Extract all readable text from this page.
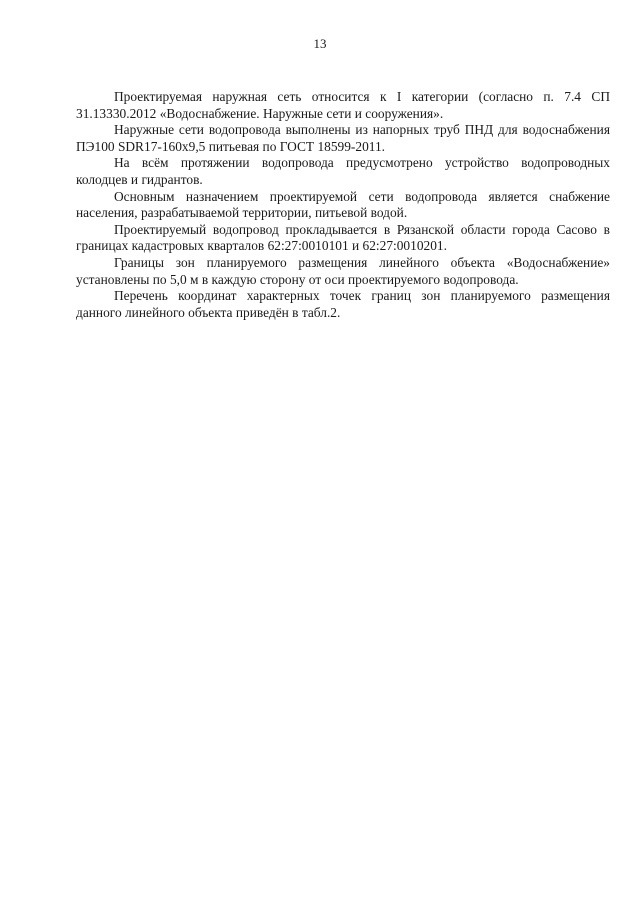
13

Проектируемая наружная сеть относится к I категории (согласно п. 7.4 СП 31.13330.2012 «Водоснабжение. Наружные сети и сооружения».

Наружные сети водопровода выполнены из напорных труб ПНД для водоснабжения ПЭ100 SDR17-160х9,5 питьевая по ГОСТ 18599-2011.

На всём протяжении водопровода предусмотрено устройство водопроводных колодцев и гидрантов.

Основным назначением проектируемой сети водопровода является снабжение населения, разрабатываемой территории, питьевой водой.

Проектируемый водопровод прокладывается в Рязанской области города Сасово в границах кадастровых кварталов 62:27:0010101 и 62:27:0010201.

Границы зон планируемого размещения линейного объекта «Водоснабжение» установлены по 5,0 м в каждую сторону от оси проектируемого водопровода.

Перечень координат характерных точек границ зон планируемого размещения данного линейного объекта приведён в табл.2.
